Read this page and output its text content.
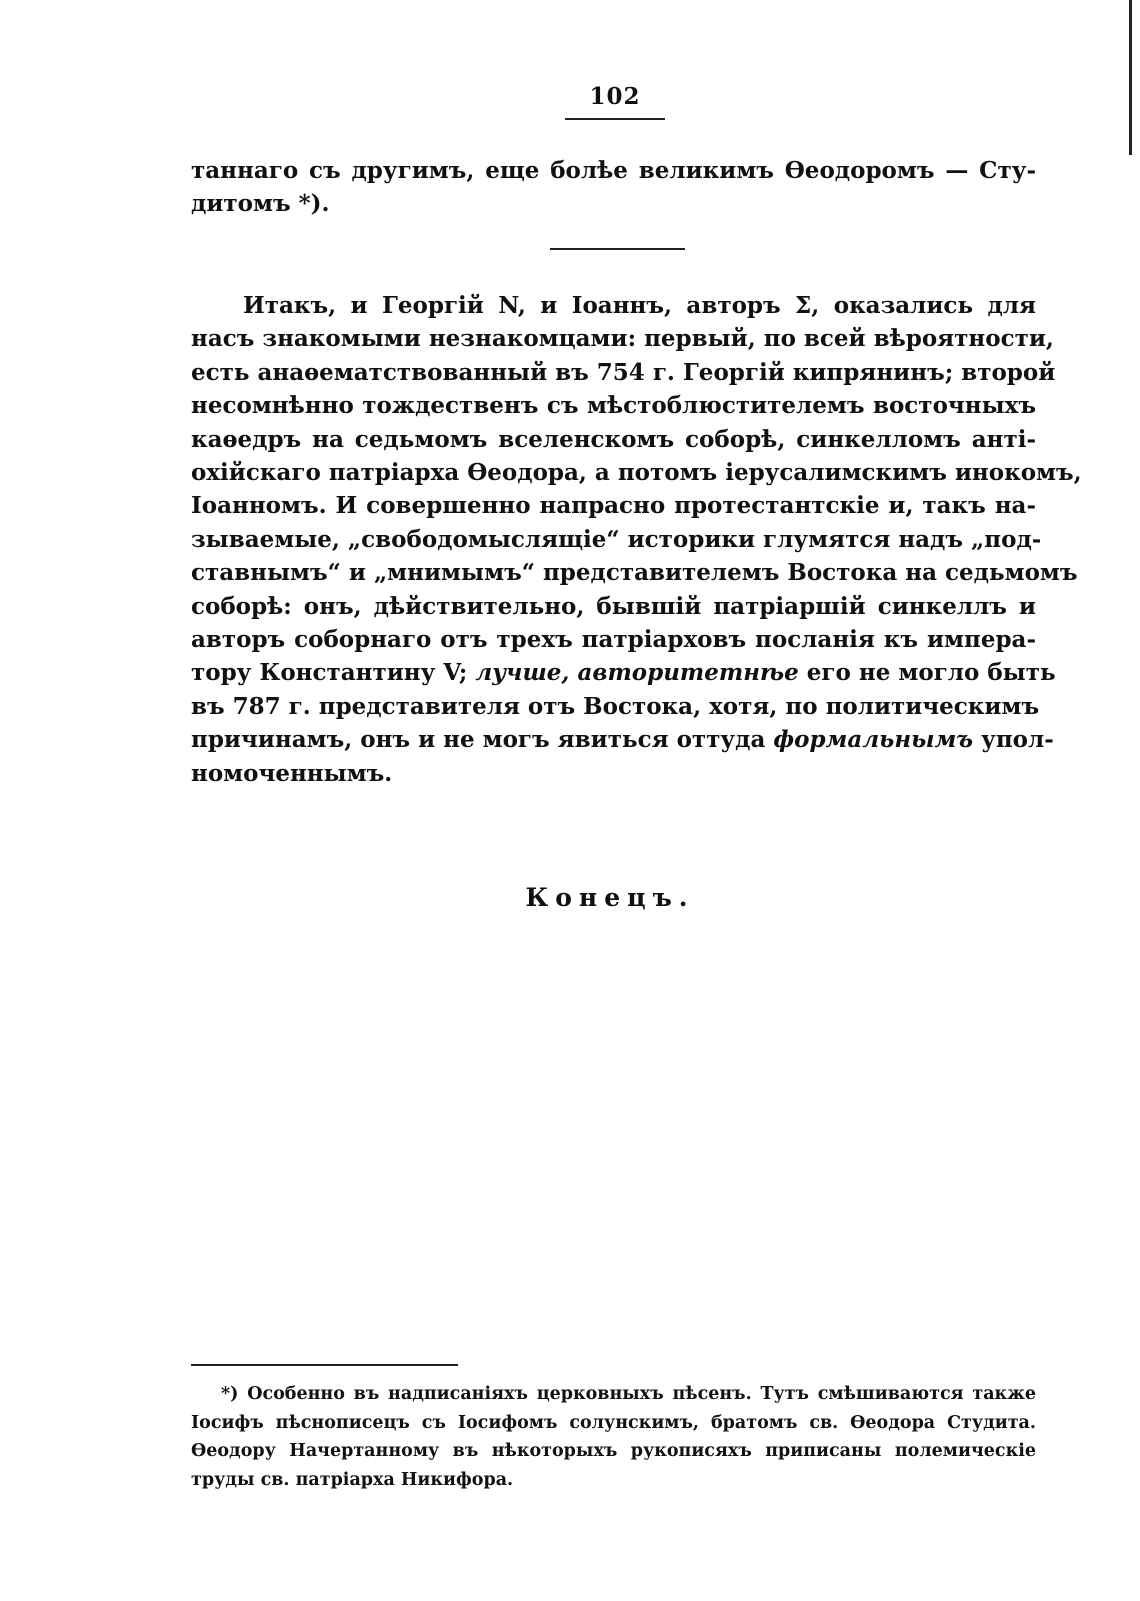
102
таннаго съ другимъ, еще болѣе великимъ Ѳеодоромъ — Сту-
дитомъ *).
Итакъ, и Георгій N, и Іоаннъ, авторъ Σ, оказались для
насъ знакомыми незнакомцами: первый, по всей вѣроятности,
есть анаѳематствованный въ 754 г. Георгій кипрянинъ; второй
несомнѣнно тождественъ съ мѣстоблюстителемъ восточныхъ
каѳедръ на седьмомъ вселенскомъ соборѣ, синкелломъ анті-
охійскаго патріарха Ѳеодора, а потомъ іерусалимскимъ инокомъ,
Іоанномъ. И совершенно напрасно протестантскіе и, такъ на-
зываемые, „свободомыслящіе“ историки глумятся надъ „под-
ставнымъ“ и „мнимымъ“ представителемъ Востока на седьмомъ
соборѣ: онъ, дѣйствительно, бывшій патріаршій синкеллъ и
авторъ соборнаго отъ трехъ патріарховъ посланія къ импера-
тору Константину V; лучше, авторитетнѣе его не могло быть
въ 787 г. представителя отъ Востока, хотя, по политическимъ
причинамъ, онъ и не могъ явиться оттуда формальнымъ упол-
номоченнымъ.
Конецъ.
*) Особенно въ надписаніяхъ церковныхъ пѣсенъ. Тутъ смѣшиваются также
Іосифъ пѣснописецъ съ Іосифомъ солунскимъ, братомъ св. Ѳеодора Студита.
Ѳеодору Начертанному въ нѣкоторыхъ рукописяхъ приписаны полемическіе
труды св. патріарха Никифора.
